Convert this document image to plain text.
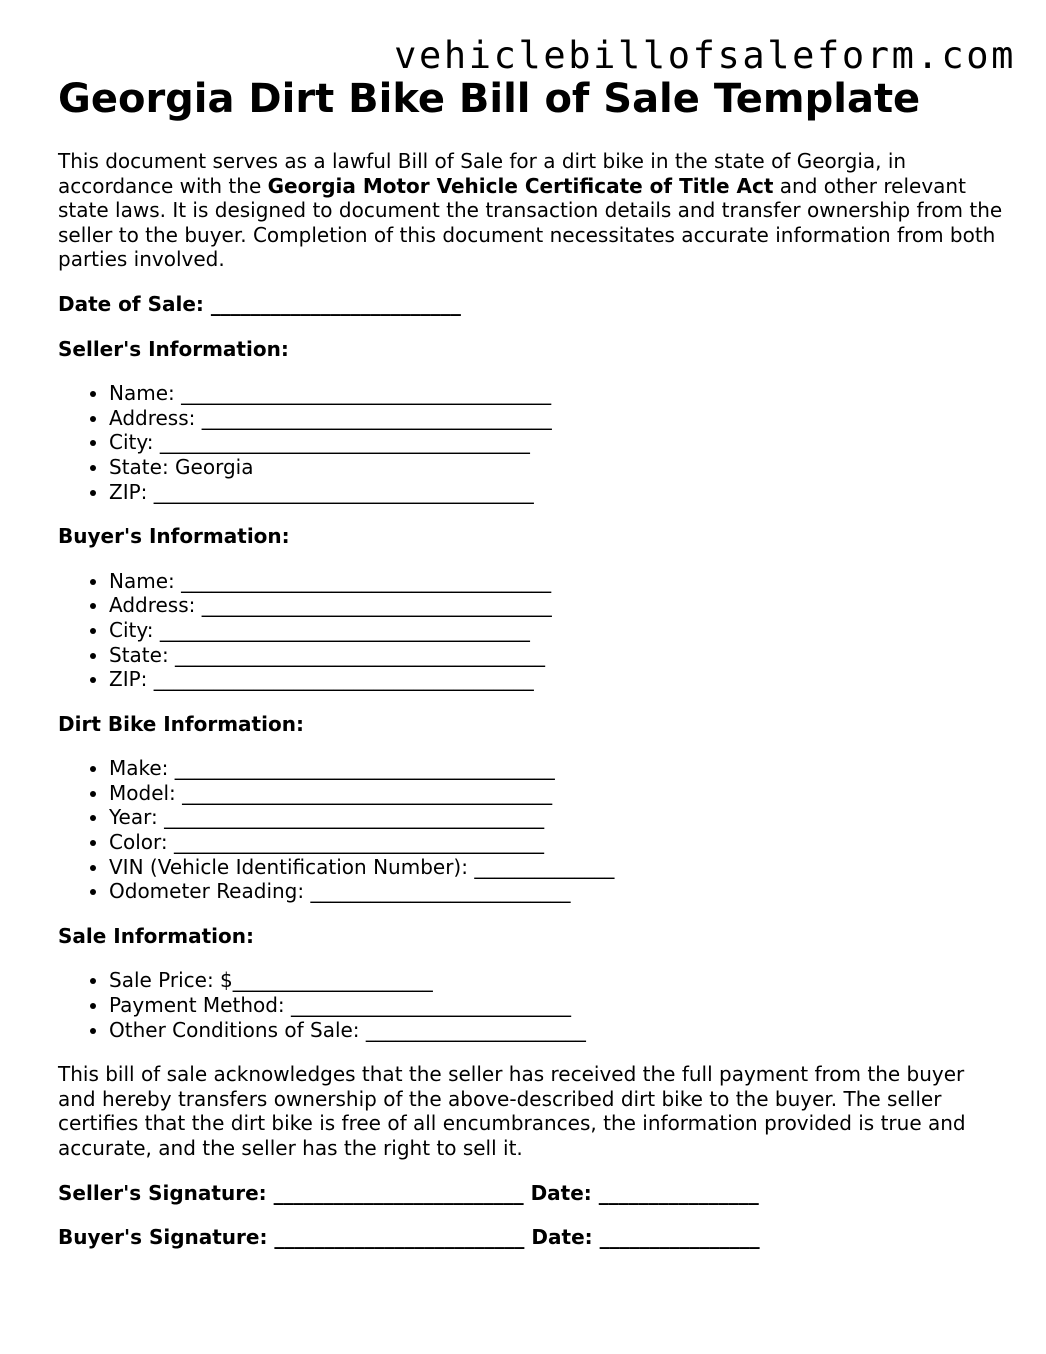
vehiclebillofsaleform.com
Georgia Dirt Bike Bill of Sale Template

This document serves as a lawful Bill of Sale for a dirt bike in the state of Georgia, in accordance with the Georgia Motor Vehicle Certificate of Title Act and other relevant state laws. It is designed to document the transaction details and transfer ownership from the seller to the buyer. Completion of this document necessitates accurate information from both parties involved.

Date of Sale: _________________________
Seller's Information:
• Name: _____________________________________
• Address: ___________________________________
• City: _____________________________________
• State: Georgia
• ZIP: ______________________________________
Buyer's Information:
• Name: _____________________________________
• Address: ___________________________________
• City: _____________________________________
• State: _____________________________________
• ZIP: ______________________________________
Dirt Bike Information:
• Make: ______________________________________
• Model: _____________________________________
• Year: ______________________________________
• Color: _____________________________________
• VIN (Vehicle Identification Number): ______________
• Odometer Reading: __________________________
Sale Information:
• Sale Price: $____________________
• Payment Method: ____________________________
• Other Conditions of Sale: ______________________

This bill of sale acknowledges that the seller has received the full payment from the buyer and hereby transfers ownership of the above-described dirt bike to the buyer. The seller certifies that the dirt bike is free of all encumbrances, the information provided is true and accurate, and the seller has the right to sell it.

Seller's Signature: _________________________ Date: ________________
Buyer's Signature: _________________________ Date: ________________
